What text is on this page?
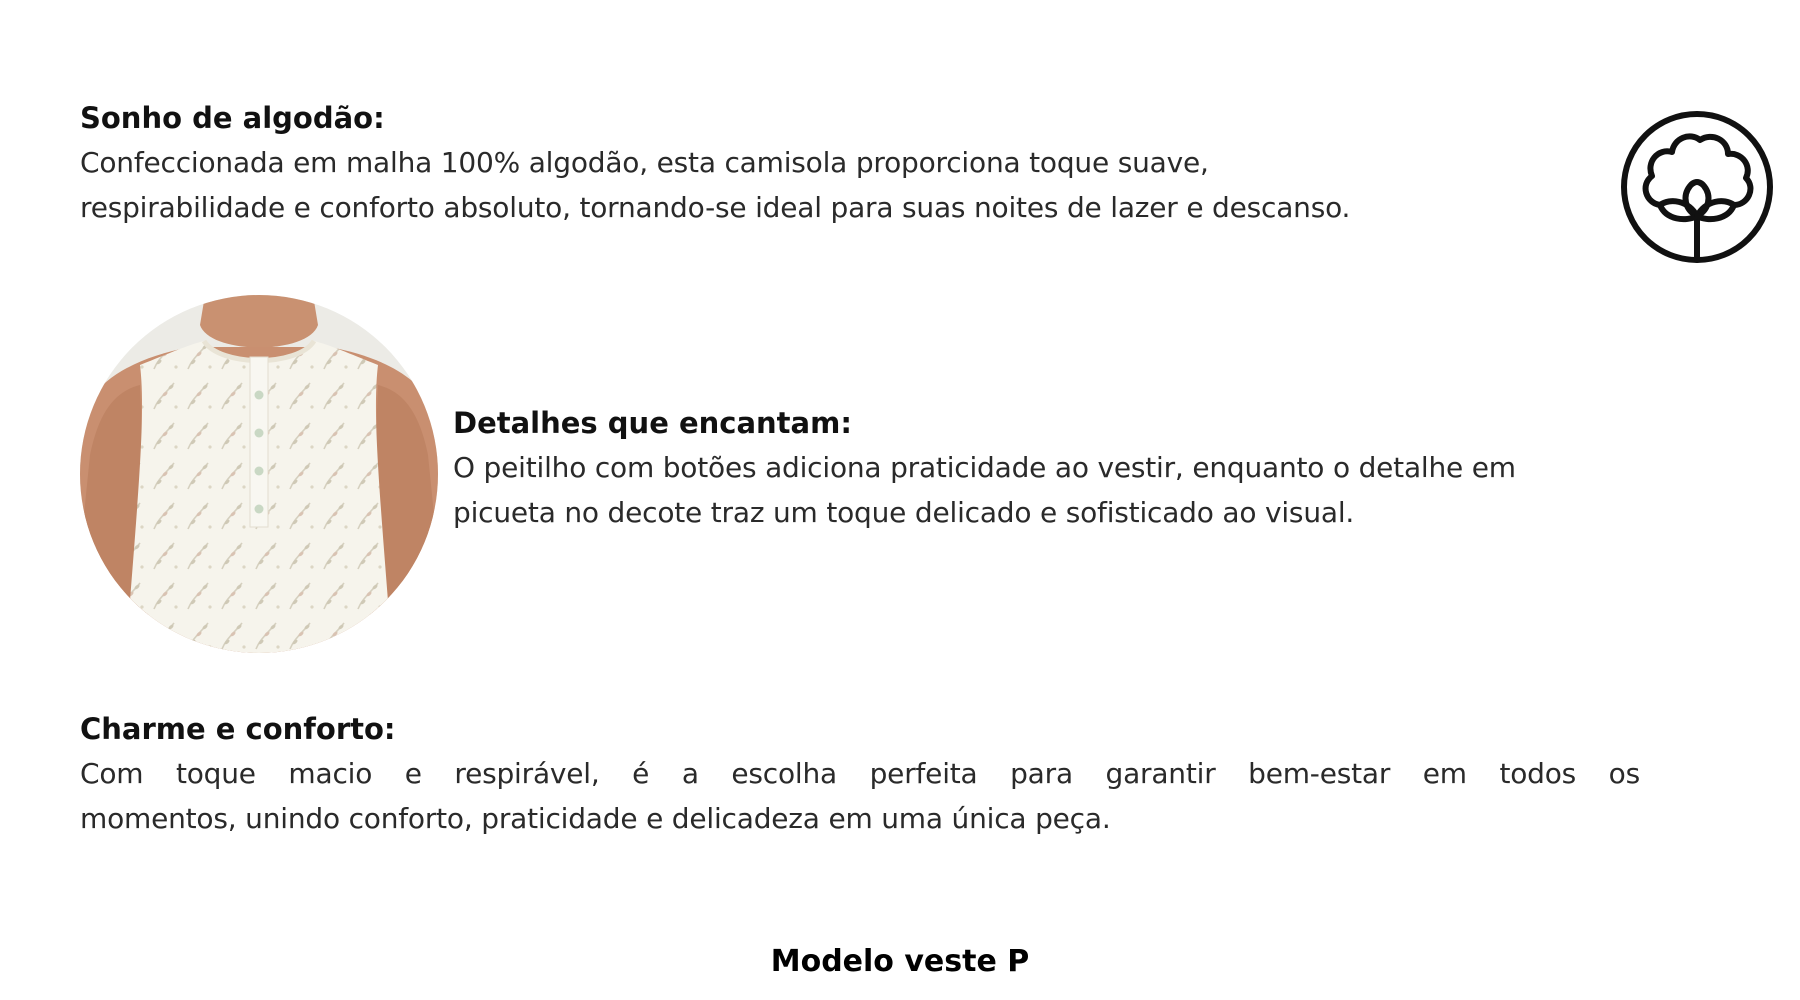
Sonho de algodão:
Confeccionada em malha 100% algodão, esta camisola proporciona toque suave,
respirabilidade e conforto absoluto, tornando-se ideal para suas noites de lazer e descanso.
Detalhes que encantam:
O peitilho com botões adiciona praticidade ao vestir, enquanto o detalhe em
picueta no decote traz um toque delicado e sofisticado ao visual.
Charme e conforto:
Com toque macio e respirável, é a escolha perfeita para garantir bem-estar em todos os
momentos, unindo conforto, praticidade e delicadeza em uma única peça.
Modelo veste P
